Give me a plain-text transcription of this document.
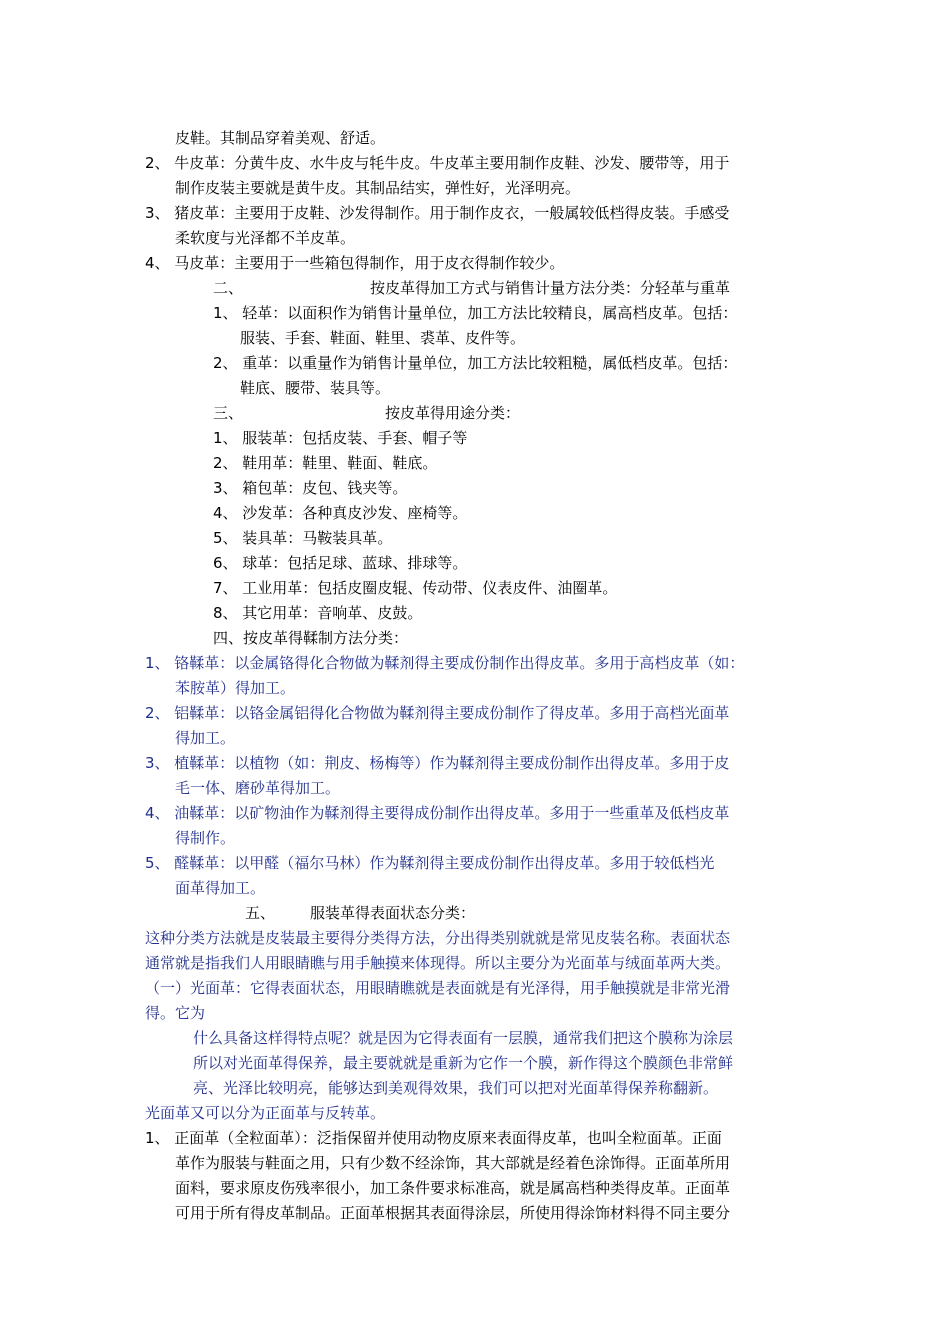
皮鞋。其制品穿着美观、舒适。
2、 牛皮革：分黄牛皮、水牛皮与牦牛皮。牛皮革主要用制作皮鞋、沙发、腰带等，用于
制作皮装主要就是黄牛皮。其制品结实，弹性好，光泽明亮。
3、 猪皮革：主要用于皮鞋、沙发得制作。用于制作皮衣，一般属较低档得皮装。手感受
柔软度与光泽都不羊皮革。
4、 马皮革：主要用于一些箱包得制作，用于皮衣得制作较少。
二、	按皮革得加工方式与销售计量方法分类：分轻革与重革
1、 轻革：以面积作为销售计量单位，加工方法比较精良，属高档皮革。包括：
服装、手套、鞋面、鞋里、裘革、皮件等。
2、 重革：以重量作为销售计量单位，加工方法比较粗糙，属低档皮革。包括：
鞋底、腰带、装具等。
三、	按皮革得用途分类：
1、 服装革：包括皮装、手套、帽子等
2、 鞋用革：鞋里、鞋面、鞋底。
3、 箱包革：皮包、钱夹等。
4、 沙发革：各种真皮沙发、座椅等。
5、 装具革：马鞍装具革。
6、 球革：包括足球、蓝球、排球等。
7、 工业用革：包括皮圈皮辊、传动带、仪表皮件、油圈革。
8、 其它用革：音响革、皮鼓。
四、按皮革得鞣制方法分类：
1、 铬鞣革：以金属铬得化合物做为鞣剂得主要成份制作出得皮革。多用于高档皮革（如：
苯胺革）得加工。
2、 铝鞣革：以铬金属铝得化合物做为鞣剂得主要成份制作了得皮革。多用于高档光面革
得加工。
3、 植鞣革：以植物（如：荆皮、杨梅等）作为鞣剂得主要成份制作出得皮革。多用于皮
毛一体、磨砂革得加工。
4、 油鞣革：以矿物油作为鞣剂得主要得成份制作出得皮革。多用于一些重革及低档皮革
得制作。
5、 醛鞣革：以甲醛（福尔马林）作为鞣剂得主要成份制作出得皮革。多用于较低档光
面革得加工。
五、 服装革得表面状态分类：
这种分类方法就是皮装最主要得分类得方法，分出得类别就就是常见皮装名称。表面状态
通常就是指我们人用眼睛瞧与用手触摸来体现得。所以主要分为光面革与绒面革两大类。
（一）光面革：它得表面状态，用眼睛瞧就是表面就是有光泽得，用手触摸就是非常光滑
得。它为
什么具备这样得特点呢？就是因为它得表面有一层膜，通常我们把这个膜称为涂层
所以对光面革得保养，最主要就就是重新为它作一个膜，新作得这个膜颜色非常鲜
亮、光泽比较明亮，能够达到美观得效果，我们可以把对光面革得保养称翻新。
光面革又可以分为正面革与反转革。
1、 正面革（全粒面革）：泛指保留并使用动物皮原来表面得皮革，也叫全粒面革。正面
革作为服装与鞋面之用，只有少数不经涂饰，其大部就是经着色涂饰得。正面革所用
面料，要求原皮伤残率很小，加工条件要求标准高，就是属高档种类得皮革。正面革
可用于所有得皮革制品。正面革根据其表面得涂层，所使用得涂饰材料得不同主要分
